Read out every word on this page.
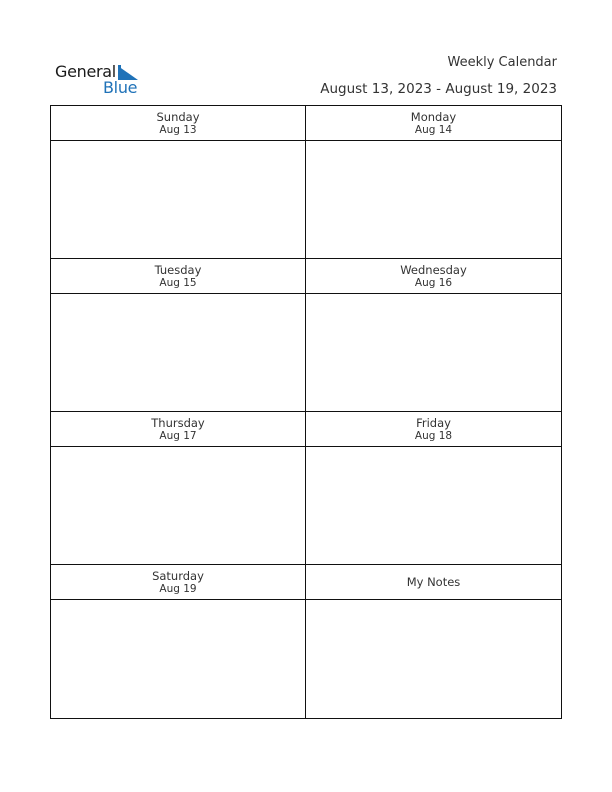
General
Blue
Weekly Calendar
August 13, 2023 - August 19, 2023
Sunday
Aug 13
Monday
Aug 14
Tuesday
Aug 15
Wednesday
Aug 16
Thursday
Aug 17
Friday
Aug 18
Saturday
Aug 19	My Notes
